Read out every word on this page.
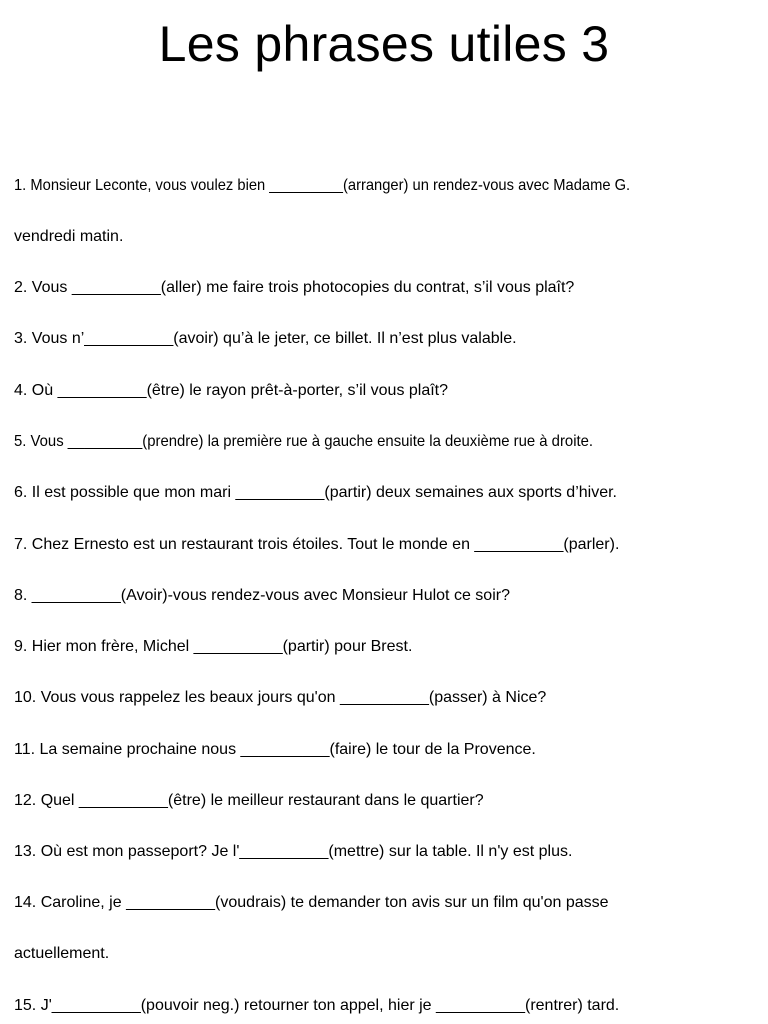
Les phrases utiles 3
1. Monsieur Leconte, vous voulez bien _________(arranger) un rendez-vous avec Madame G.
vendredi matin.
2. Vous __________(aller) me faire trois photocopies du contrat, s’il vous plaît?
3. Vous n’__________(avoir) qu’à le jeter, ce billet. Il n’est plus valable.
4. Où __________(être) le rayon prêt-à-porter, s’il vous plaît?
5. Vous _________(prendre) la première rue à gauche ensuite la deuxième rue à droite.
6. Il est possible que mon mari __________(partir) deux semaines aux sports d’hiver.
7. Chez Ernesto est un restaurant trois étoiles. Tout le monde en __________(parler).
8. __________(Avoir)-vous rendez-vous avec Monsieur Hulot ce soir?
9. Hier mon frère, Michel __________(partir) pour Brest.
10. Vous vous rappelez les beaux jours qu'on __________(passer) à Nice?
11. La semaine prochaine nous __________(faire) le tour de la Provence.
12. Quel __________(être) le meilleur restaurant dans le quartier?
13. Où est mon passeport? Je l'__________(mettre) sur la table. Il n'y est plus.
14. Caroline, je __________(voudrais) te demander ton avis sur un film qu'on passe
actuellement.
15. J'__________(pouvoir neg.) retourner ton appel, hier je __________(rentrer) tard.
